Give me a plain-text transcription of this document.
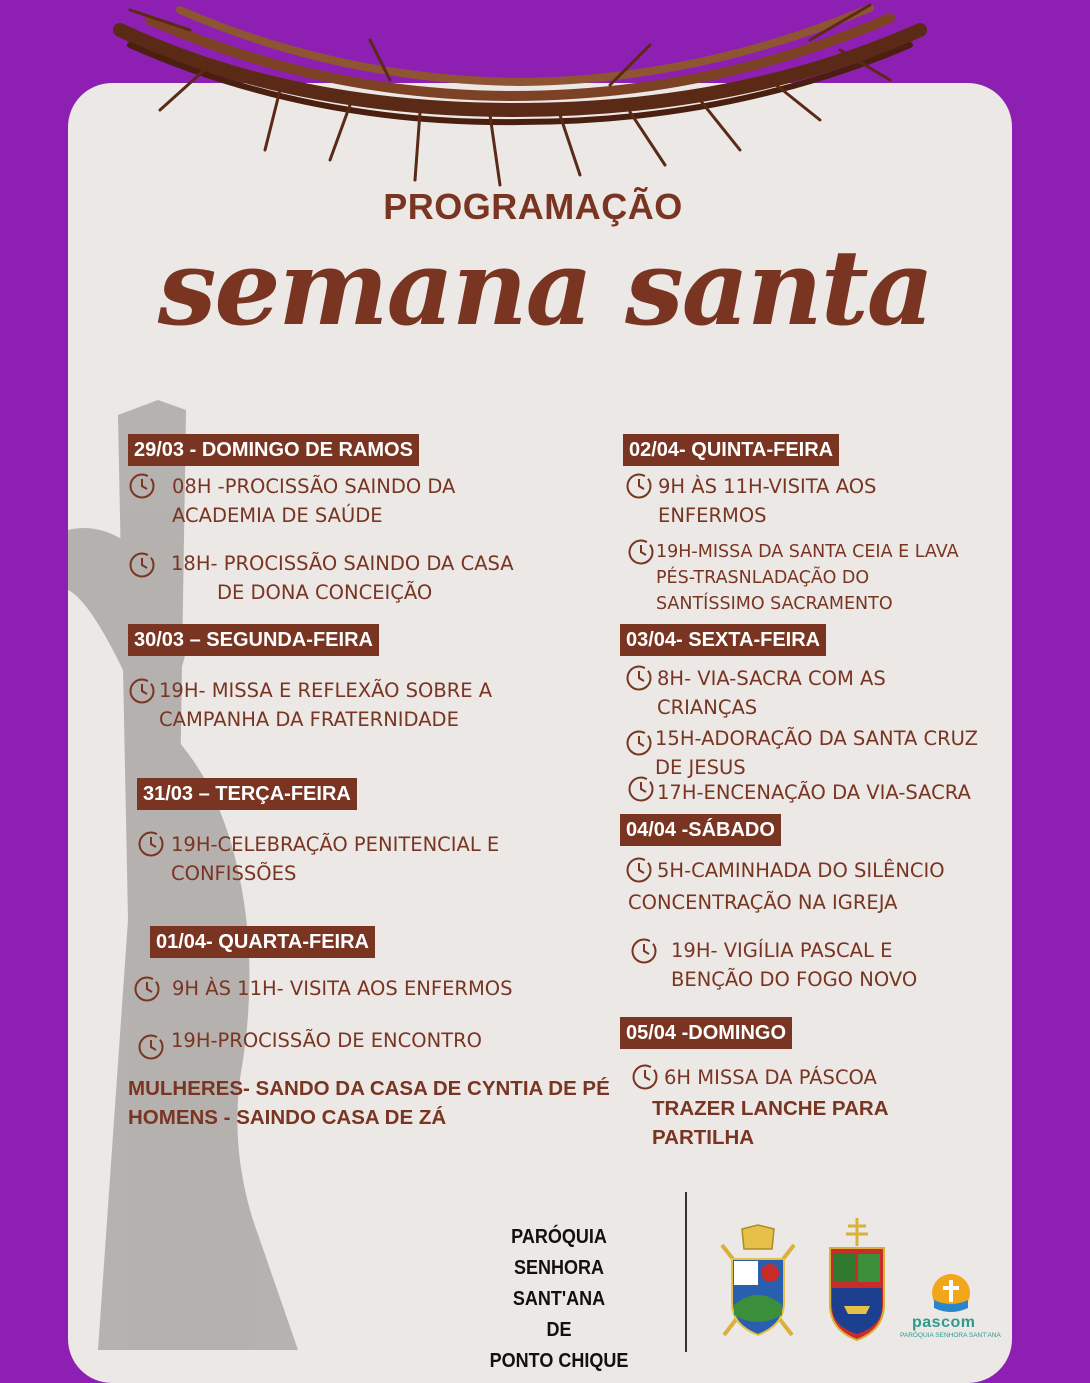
PROGRAMAÇÃO
semana santa
29/03 - DOMINGO DE RAMOS
08H -PROCISSÃO SAINDO DA
ACADEMIA DE SAÚDE
18H- PROCISSÃO SAINDO DA CASA
DE DONA CONCEIÇÃO
30/03 – SEGUNDA-FEIRA
19H- MISSA E REFLEXÃO SOBRE A
CAMPANHA DA FRATERNIDADE
31/03 – TERÇA-FEIRA
19H-CELEBRAÇÃO PENITENCIAL E
CONFISSÕES
01/04- QUARTA-FEIRA
9H ÀS 11H- VISITA AOS ENFERMOS
19H-PROCISSÃO DE ENCONTRO
MULHERES- SANDO DA CASA DE CYNTIA DE PÉ
HOMENS - SAINDO CASA DE ZÁ
02/04- QUINTA-FEIRA
9H ÀS 11H-VISITA AOS
ENFERMOS
19H-MISSA DA SANTA CEIA E LAVA
PÉS-TRASNLADAÇÃO DO
SANTÍSSIMO SACRAMENTO
03/04- SEXTA-FEIRA
8H- VIA-SACRA COM AS
CRIANÇAS
15H-ADORAÇÃO DA SANTA CRUZ
DE JESUS
17H-ENCENAÇÃO DA VIA-SACRA
04/04 -SÁBADO
5H-CAMINHADA DO SILÊNCIO
CONCENTRAÇÃO NA IGREJA
19H- VIGÍLIA PASCAL E
BENÇÃO DO FOGO NOVO
05/04 -DOMINGO
6H MISSA DA PÁSCOA
TRAZER LANCHE PARA
PARTILHA
PARÓQUIA
SENHORA SANT'ANA
DE
PONTO CHIQUE
pascom
PARÓQUIA SENHORA SANT'ANA
